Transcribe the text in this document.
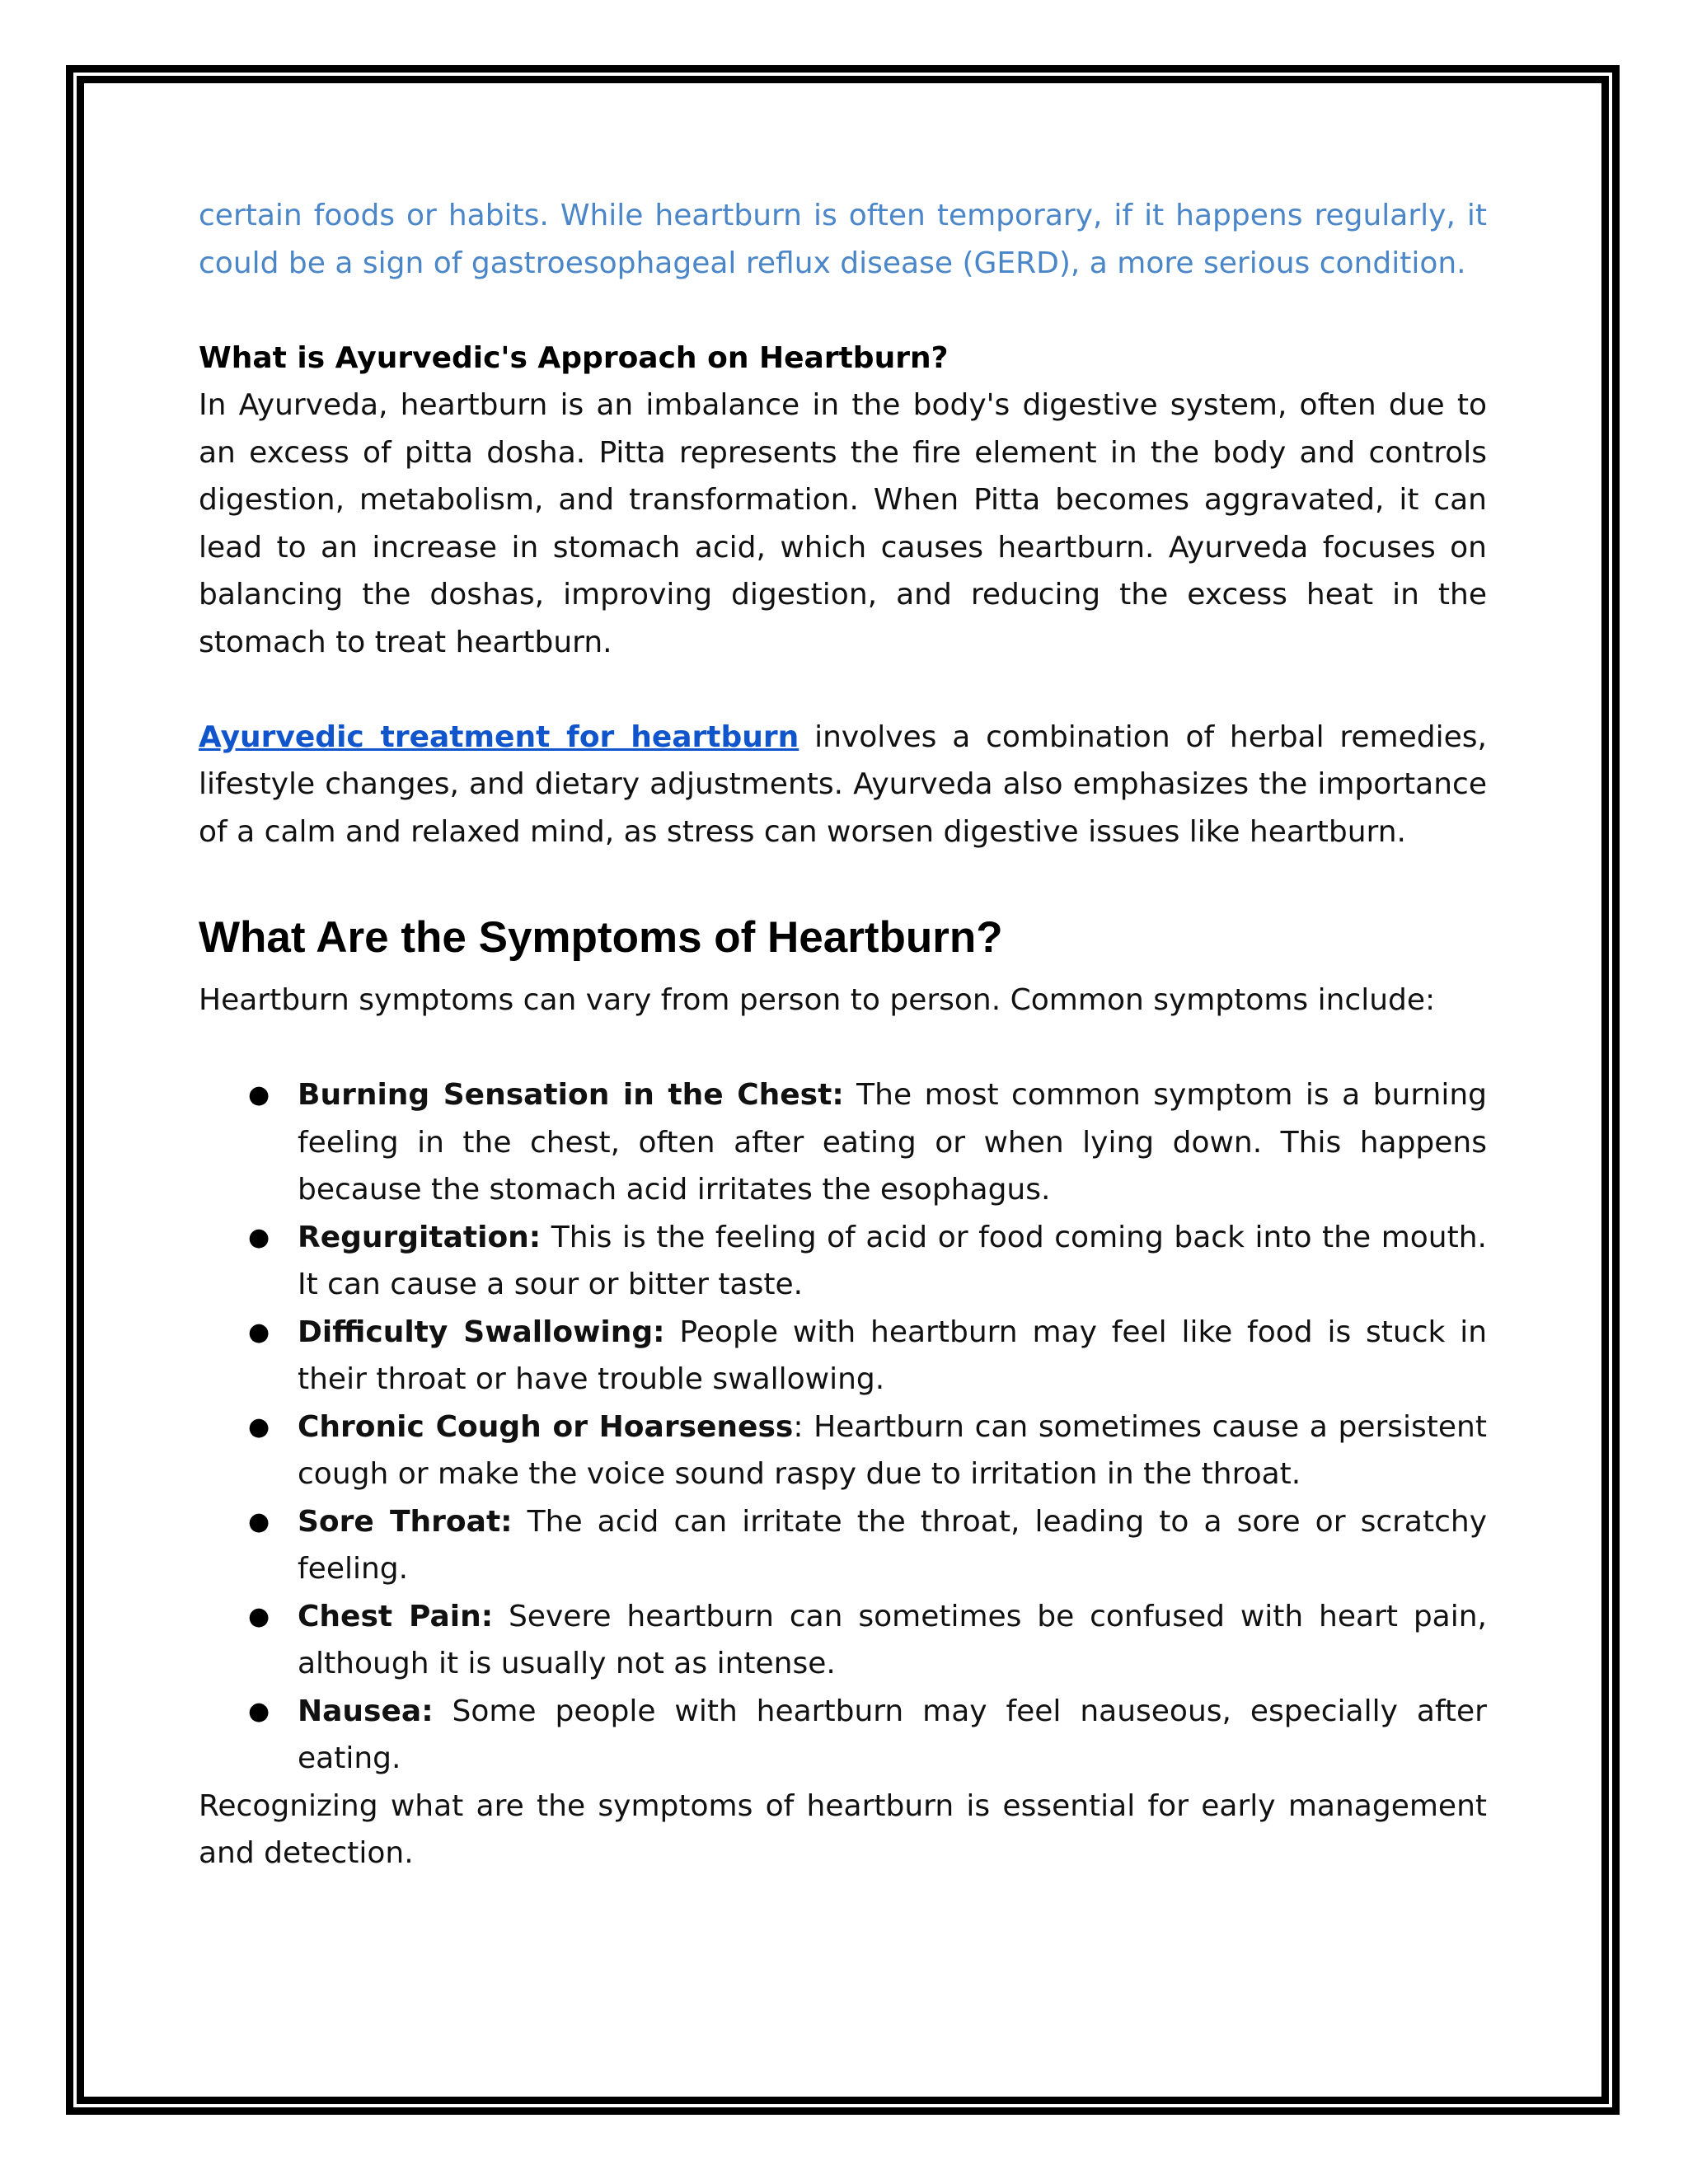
certain foods or habits. While heartburn is often temporary, if it happens regularly, it could be a sign of gastroesophageal reflux disease (GERD), a more serious condition.

What is Ayurvedic's Approach on Heartburn?

In Ayurveda, heartburn is an imbalance in the body's digestive system, often due to an excess of pitta dosha. Pitta represents the fire element in the body and controls digestion, metabolism, and transformation. When Pitta becomes aggravated, it can lead to an increase in stomach acid, which causes heartburn. Ayurveda focuses on balancing the doshas, improving digestion, and reducing the excess heat in the stomach to treat heartburn.

Ayurvedic treatment for heartburn involves a combination of herbal remedies, lifestyle changes, and dietary adjustments. Ayurveda also emphasizes the importance of a calm and relaxed mind, as stress can worsen digestive issues like heartburn.

What Are the Symptoms of Heartburn?

Heartburn symptoms can vary from person to person. Common symptoms include:

● Burning Sensation in the Chest: The most common symptom is a burning feeling in the chest, often after eating or when lying down. This happens because the stomach acid irritates the esophagus.
● Regurgitation: This is the feeling of acid or food coming back into the mouth. It can cause a sour or bitter taste.
● Difficulty Swallowing: People with heartburn may feel like food is stuck in their throat or have trouble swallowing.
● Chronic Cough or Hoarseness: Heartburn can sometimes cause a persistent cough or make the voice sound raspy due to irritation in the throat.
● Sore Throat: The acid can irritate the throat, leading to a sore or scratchy feeling.
● Chest Pain: Severe heartburn can sometimes be confused with heart pain, although it is usually not as intense.
● Nausea: Some people with heartburn may feel nauseous, especially after eating.

Recognizing what are the symptoms of heartburn is essential for early management and detection.
